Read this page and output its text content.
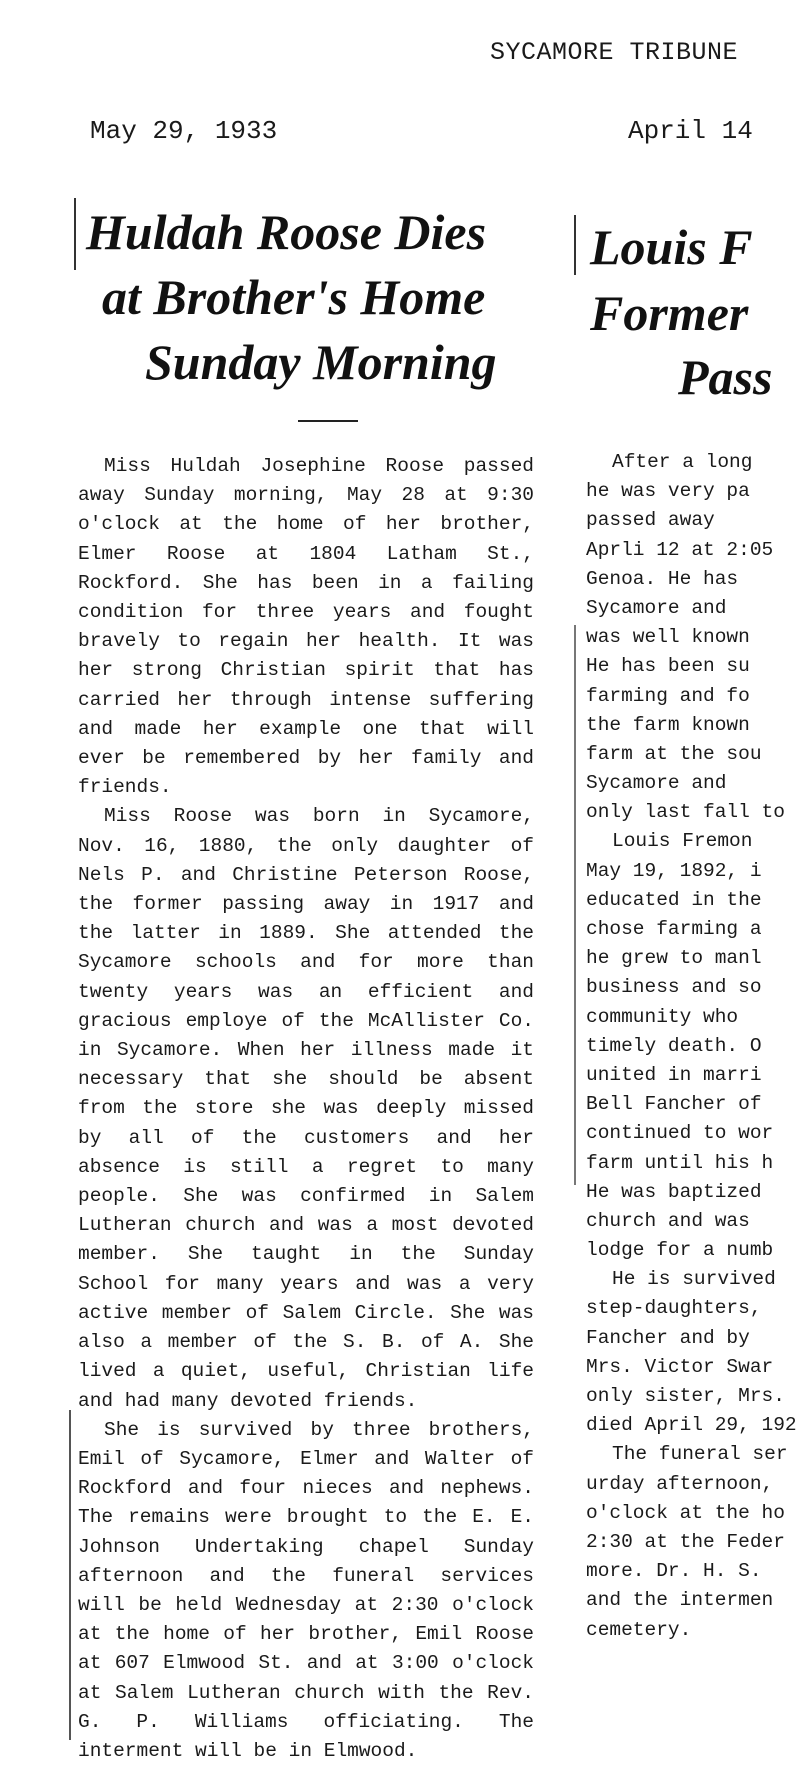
SYCAMORE TRIBUNE
May 29, 1933	April 14
Huldah Roose Dies
at Brother's Home
Sunday Morning

Miss Huldah Josephine Roose passed away Sunday morning, May 28 at 9:30 o'clock at the home of her brother, Elmer Roose at 1804 Latham St., Rockford. She has been in a failing condition for three years and fought bravely to regain her health. It was her strong Christian spirit that has carried her through intense suffering and made her example one that will ever be remembered by her family and friends.

Miss Roose was born in Sycamore, Nov. 16, 1880, the only daughter of Nels P. and Christine Peterson Roose, the former passing away in 1917 and the latter in 1889. She attended the Sycamore schools and for more than twenty years was an efficient and gracious employe of the McAllister Co. in Sycamore. When her illness made it necessary that she should be absent from the store she was deeply missed by all of the customers and her absence is still a regret to many people. She was confirmed in Salem Lutheran church and was a most devoted member. She taught in the Sunday School for many years and was a very active member of Salem Circle. She was also a member of the S. B. of A. She lived a quiet, useful, Christian life and had many devoted friends.

She is survived by three brothers, Emil of Sycamore, Elmer and Walter of Rockford and four nieces and nephews. The remains were brought to the E. E. Johnson Undertaking chapel Sunday afternoon and the funeral services will be held Wednesday at 2:30 o'clock at the home of her brother, Emil Roose at 607 Elmwood St. and at 3:00 o'clock at Salem Lutheran church with the Rev. G. P. Williams officiating. The interment will be in Elmwood.

Louis F
Former
Pass
After a long
he was very pa
passed away
Aprli 12 at 2:05
Genoa. He has
Sycamore and
was well known
He has been su
farming and fo
the farm known
farm at the sou
Sycamore and
only last fall to
Louis Fremon
May 19, 1892, i
educated in the
chose farming a
he grew to manl
business and so
community who
timely death. O
united in marri
Bell Fancher of
continued to wor
farm until his h
He was baptized
church and was
lodge for a numb
He is survived
step-daughters,
Fancher and by
Mrs. Victor Swar
only sister, Mrs.
died April 29, 192
The funeral ser
urday afternoon,
o'clock at the ho
2:30 at the Feder
more. Dr. H. S.
and the intermen
cemetery.
